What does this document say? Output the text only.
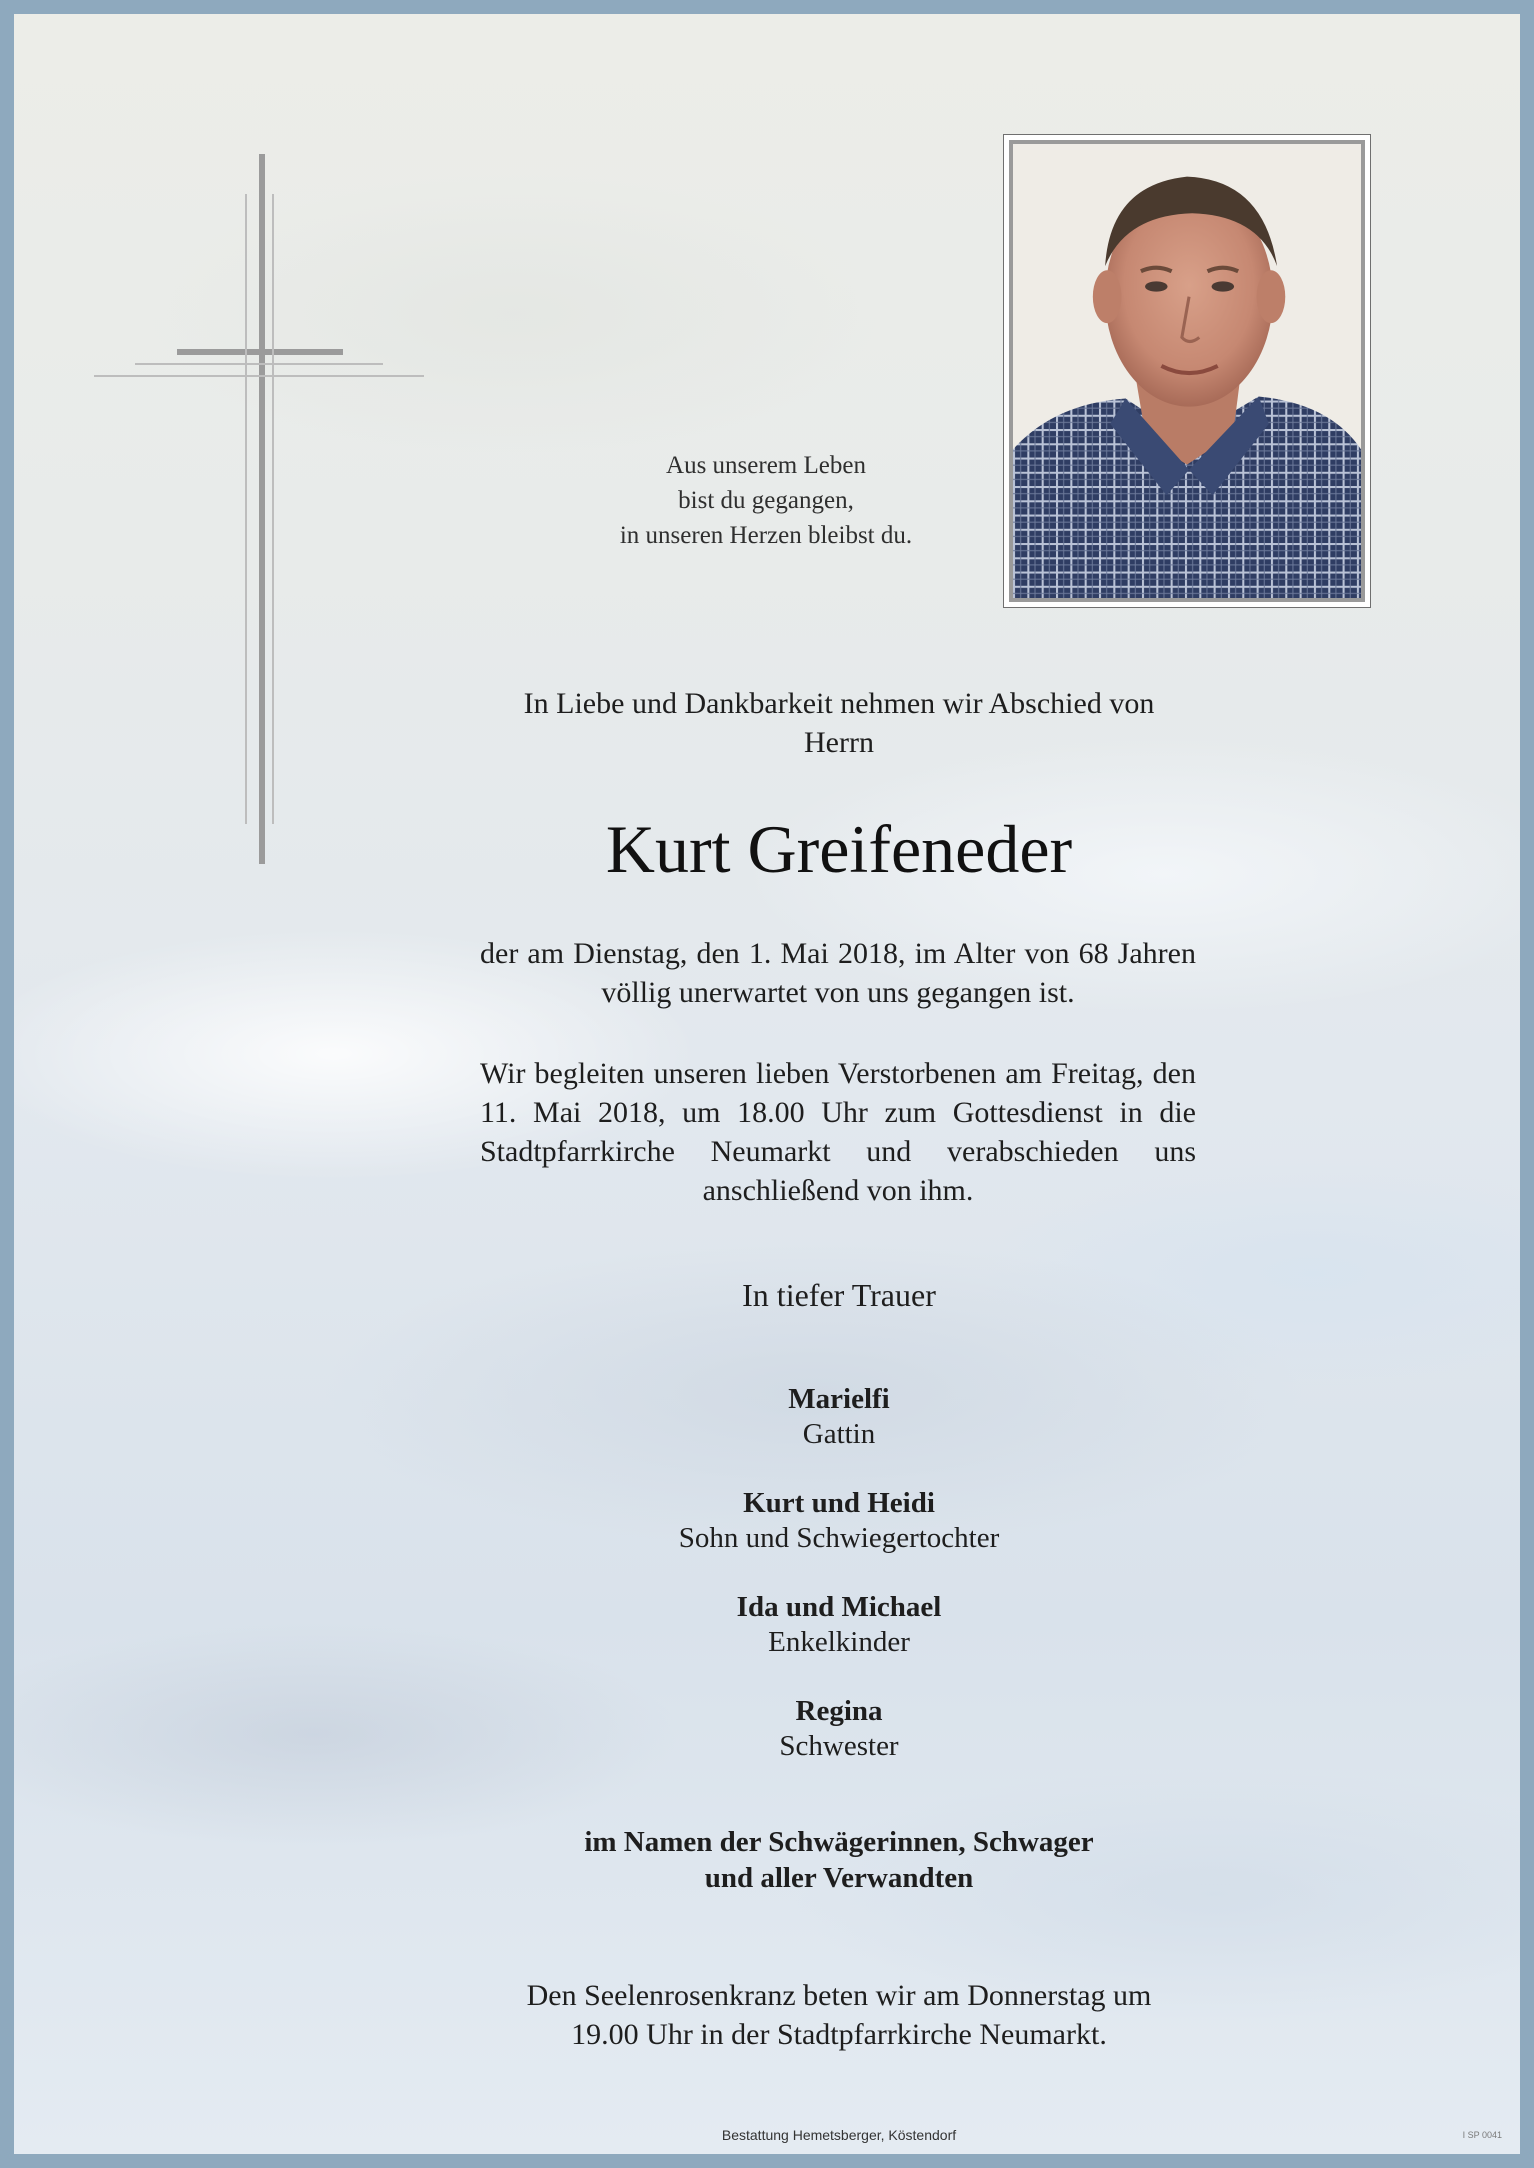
Aus unserem Leben
bist du gegangen,
in unseren Herzen bleibst du.
In Liebe und Dankbarkeit nehmen wir Abschied von
Herrn
Kurt Greifeneder
der am Dienstag, den 1. Mai 2018, im Alter von 68 Jahren völlig unerwartet von uns gegangen ist.
Wir begleiten unseren lieben Verstorbenen am Freitag, den 11. Mai 2018, um 18.00 Uhr zum Gottesdienst in die Stadtpfarrkirche Neumarkt und verabschieden uns anschließend von ihm.
In tiefer Trauer
Marielfi
Gattin
Kurt und Heidi
Sohn und Schwiegertochter
Ida und Michael
Enkelkinder
Regina
Schwester
im Namen der Schwägerinnen, Schwager
und aller Verwandten
Den Seelenrosenkranz beten wir am Donnerstag um
19.00 Uhr in der Stadtpfarrkirche Neumarkt.
Bestattung Hemetsberger, Köstendorf	I SP 0041
